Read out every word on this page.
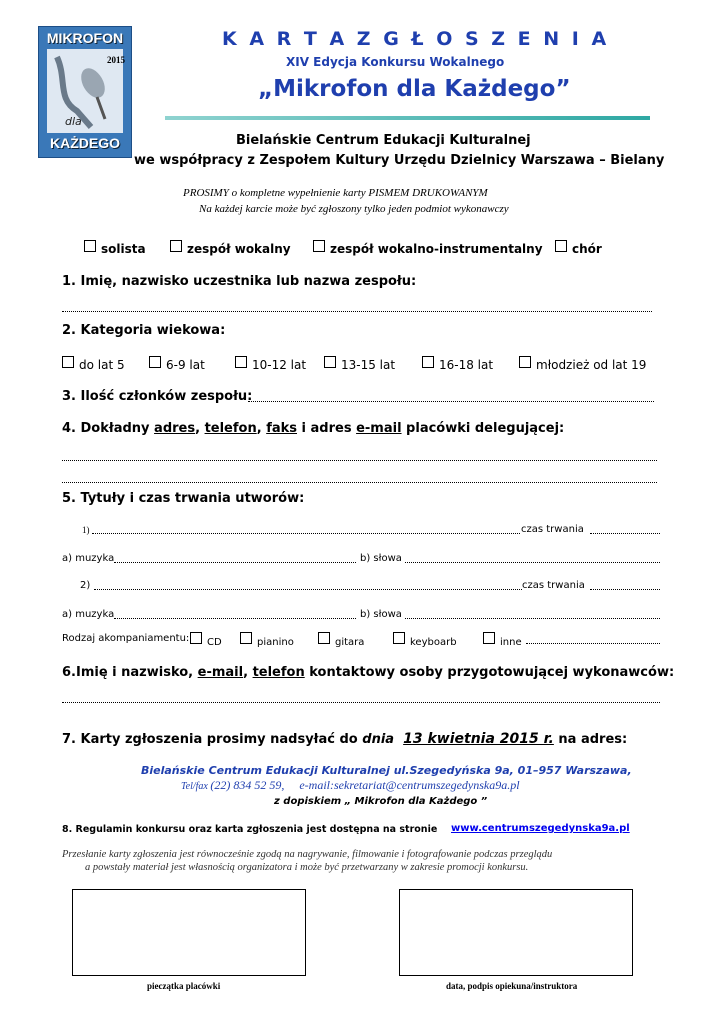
MIKROFON
2015
dla
KAŻDEGO
K A R T A Z G Ł O S Z E N I A
XIV Edycja Konkursu Wokalnego
„Mikrofon dla Każdego”
Bielańskie Centrum Edukacji Kulturalnej
we współpracy z Zespołem Kultury Urzędu Dzielnicy Warszawa – Bielany
PROSIMY o kompletne wypełnienie karty PISMEM DRUKOWANYM
Na każdej karcie może być zgłoszony tylko jeden podmiot wykonawczy
solista	zespół wokalny	zespół wokalno-instrumentalny	chór
1. Imię, nazwisko uczestnika lub nazwa zespołu:
2. Kategoria wiekowa:
do lat 5	6-9 lat	10-12 lat	13-15 lat	16-18 lat	młodzież od lat 19
3. Ilość członków zespołu:
4. Dokładny adres, telefon, faks i adres e-mail placówki delegującej:
5. Tytuły i czas trwania utworów:
1)	czas trwania
a) muzyka	b) słowa
2)	czas trwania
a) muzyka	b) słowa
Rodzaj akompaniamentu:	CD	pianino	gitara	keyboarb	inne
6.Imię i nazwisko, e-mail, telefon kontaktowy osoby przygotowującej wykonawców:
7. Karty zgłoszenia prosimy nadsyłać do dnia 13 kwietnia 2015 r. na adres:
Bielańskie Centrum Edukacji Kulturalnej ul.Szegedyńska 9a, 01–957 Warszawa,
Tel/fax (22) 834 52 59, e-mail:sekretariat@centrumszegedynska9a.pl
z dopiskiem „ Mikrofon dla Każdego ”
8. Regulamin konkursu oraz karta zgłoszenia jest dostępna na stronie www.centrumszegedynska9a.pl
Przesłanie karty zgłoszenia jest równocześnie zgodą na nagrywanie, filmowanie i fotografowanie podczas przeglądu
a powstały materiał jest własnością organizatora i może być przetwarzany w zakresie promocji konkursu.
pieczątka placówki	data, podpis opiekuna/instruktora
